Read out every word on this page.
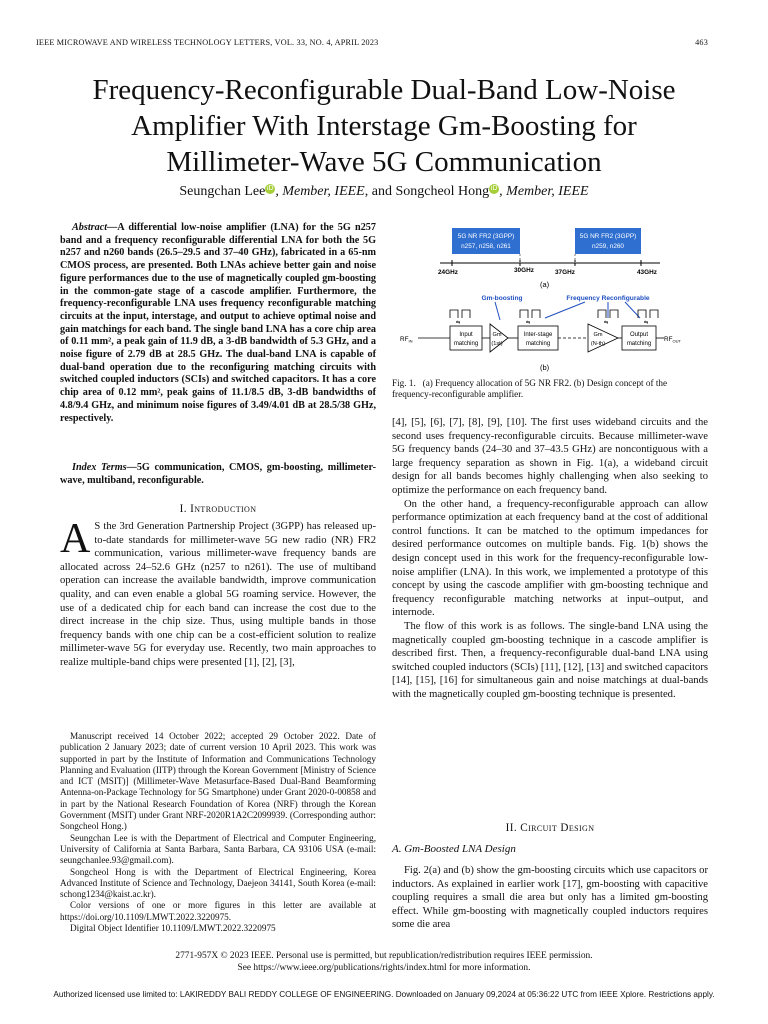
IEEE MICROWAVE AND WIRELESS TECHNOLOGY LETTERS, VOL. 33, NO. 4, APRIL 2023	463
Frequency-Reconfigurable Dual-Band Low-Noise
Amplifier With Interstage Gm-Boosting for
Millimeter-Wave 5G Communication
Seungchan Lee iD , Member, IEEE, and Songcheol Hong iD , Member, IEEE
Abstract—A differential low-noise amplifier (LNA) for the 5G n257 band and a frequency reconfigurable differential LNA for both the 5G n257 and n260 bands (26.5–29.5 and 37–40 GHz), fabricated in a 65-nm CMOS process, are presented. Both LNAs achieve better gain and noise figure performances due to the use of magnetically coupled gm-boosting in the common-gate stage of a cascode amplifier. Furthermore, the frequency-reconfigurable LNA uses frequency reconfigurable matching circuits at the input, interstage, and output to achieve optimal noise and gain matchings for each band. The single band LNA has a core chip area of 0.11 mm², a peak gain of 11.9 dB, a 3-dB bandwidth of 5.3 GHz, and a noise figure of 2.79 dB at 28.5 GHz. The dual-band LNA is capable of dual-band operation due to the reconfiguring matching circuits with switched coupled inductors (SCIs) and switched capacitors. It has a core chip area of 0.12 mm², peak gains of 11.1/8.5 dB, 3-dB bandwidths of 4.8/9.4 GHz, and minimum noise figures of 3.49/4.01 dB at 28.5/38 GHz, respectively.
Index Terms—5G communication, CMOS, gm-boosting, millimeter-wave, multiband, reconfigurable.
I. Introduction
A S the 3rd Generation Partnership Project (3GPP) has released up-to-date standards for millimeter-wave 5G new radio (NR) FR2 communication, various millimeter-wave frequency bands are allocated across 24–52.6 GHz (n257 to n261). The use of multiband operation can increase the available bandwidth, improve communication quality, and can even enable a global 5G roaming service. However, the use of a dedicated chip for each band can increase the cost due to the direct increase in the chip size. Thus, using multiple bands in those frequency bands with one chip can be a cost-efficient solution to realize millimeter-wave 5G for everyday use. Recently, two main approaches to realize multiple-band chips were presented [1], [2], [3],

Manuscript received 14 October 2022; accepted 29 October 2022. Date of publication 2 January 2023; date of current version 10 April 2023. This work was supported in part by the Institute of Information and Communications Technology Planning and Evaluation (IITP) through the Korean Government [Ministry of Science and ICT (MSIT)] (Millimeter-Wave Metasurface-Based Dual-Band Beamforming Antenna-on-Package Technology for 5G Smartphone) under Grant 2020-0-00858 and in part by the National Research Foundation of Korea (NRF) through the Korean Government (MSIT) under Grant NRF-2020R1A2C2099939. (Corresponding author: Songcheol Hong.)

Seungchan Lee is with the Department of Electrical and Computer Engineering, University of California at Santa Barbara, Santa Barbara, CA 93106 USA (e-mail: seungchanlee.93@gmail.com).

Songcheol Hong is with the Department of Electrical Engineering, Korea Advanced Institute of Science and Technology, Daejeon 34141, South Korea (e-mail: schong1234@kaist.ac.kr).

Color versions of one or more figures in this letter are available at https://doi.org/10.1109/LMWT.2022.3220975.

Digital Object Identifier 10.1109/LMWT.2022.3220975

5G NR FR2 (3GPP)
n257, n258, n261
5G NR FR2 (3GPP)
n259, n260
24GHz	30GHz	37GHz	43GHz
(a)
Gm-boosting	Frequency Reconfigurable
⇆	⇆	⇆	⇆
$RF_{IN}$
Input
matching
Gm
(1st)
Inter-stage
matching
Gm
(N-th)
Output
matching
$RF_{OUT}$
(b)
Fig. 1. (a) Frequency allocation of 5G NR FR2. (b) Design concept of the frequency-reconfigurable amplifier.

[4], [5], [6], [7], [8], [9], [10]. The first uses wideband circuits and the second uses frequency-reconfigurable circuits. Because millimeter-wave 5G frequency bands (24–30 and 37–43.5 GHz) are noncontiguous with a large frequency separation as shown in Fig. 1(a), a wideband circuit design for all bands becomes highly challenging when also seeking to optimize the performance on each frequency band.

On the other hand, a frequency-reconfigurable approach can allow performance optimization at each frequency band at the cost of additional control functions. It can be matched to the optimum impedances for desired performance outcomes on multiple bands. Fig. 1(b) shows the design concept used in this work for the frequency-reconfigurable low-noise amplifier (LNA). In this work, we implemented a prototype of this concept by using the cascode amplifier with gm-boosting technique and frequency reconfigurable matching networks at input–output, and internode.

The flow of this work is as follows. The single-band LNA using the magnetically coupled gm-boosting technique in a cascode amplifier is described first. Then, a frequency-reconfigurable dual-band LNA using switched coupled inductors (SCIs) [11], [12], [13] and switched capacitors [14], [15], [16] for simultaneous gain and noise matchings at dual-bands with the magnetically coupled gm-boosting technique is presented.

II. Circuit Design
A. Gm-Boosted LNA Design

Fig. 2(a) and (b) show the gm-boosting circuits which use capacitors or inductors. As explained in earlier work [17], gm-boosting with capacitive coupling requires a small die area but only has a limited gm-boosting effect. While gm-boosting with magnetically coupled inductors requires some die area

2771-957X © 2023 IEEE. Personal use is permitted, but republication/redistribution requires IEEE permission.
See https://www.ieee.org/publications/rights/index.html for more information.
Authorized licensed use limited to: LAKIREDDY BALI REDDY COLLEGE OF ENGINEERING. Downloaded on January 09,2024 at 05:36:22 UTC from IEEE Xplore. Restrictions apply.
